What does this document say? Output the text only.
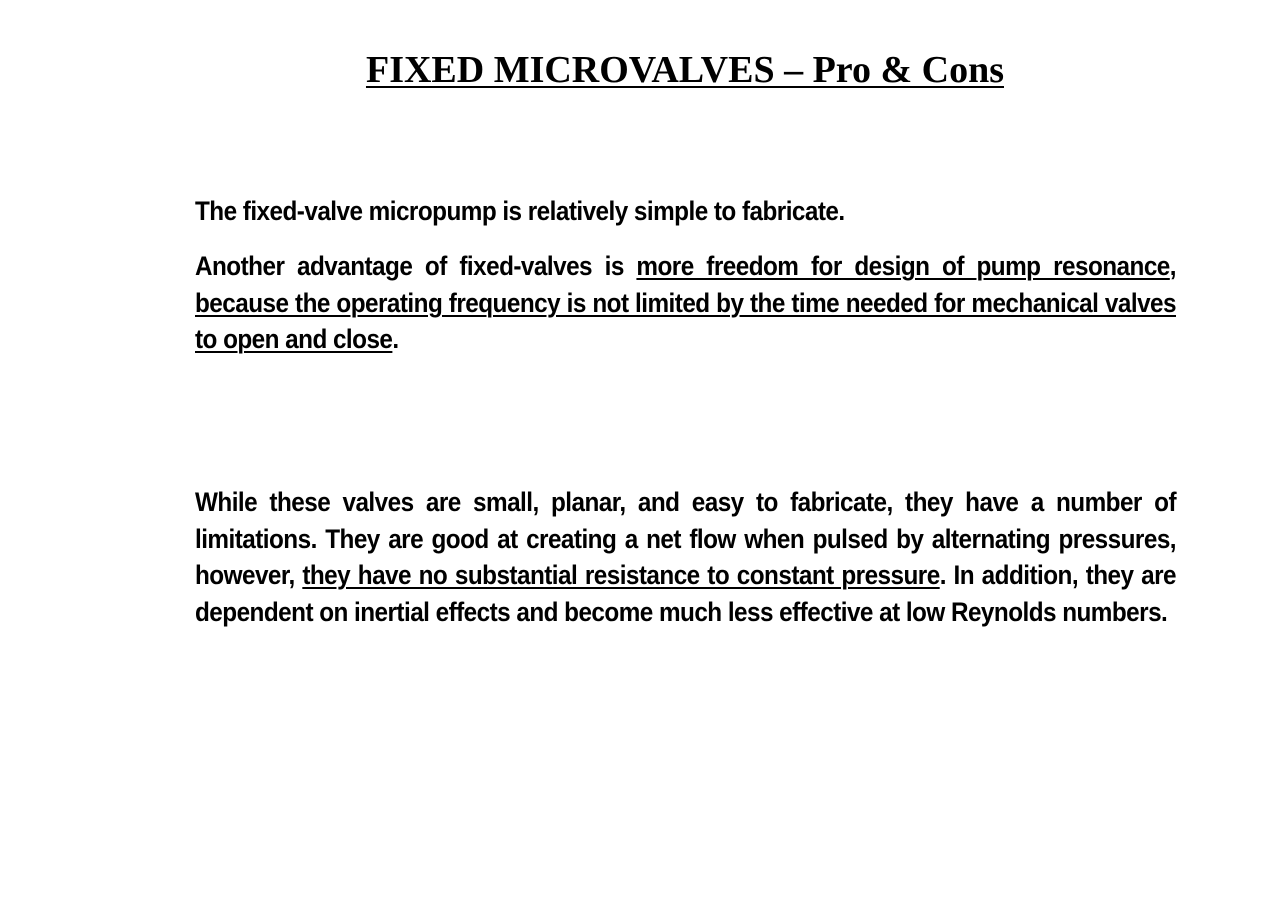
FIXED MICROVALVES – Pro & Cons

The fixed-valve micropump is relatively simple to fabricate.

Another advantage of fixed-valves is more freedom for design of pump resonance, because the operating frequency is not limited by the time needed for mechanical valves to open and close.

While these valves are small, planar, and easy to fabricate, they have a number of limitations. They are good at creating a net flow when pulsed by alternating pressures, however, they have no substantial resistance to constant pressure. In addition, they are dependent on inertial effects and become much less effective at low Reynolds numbers.
